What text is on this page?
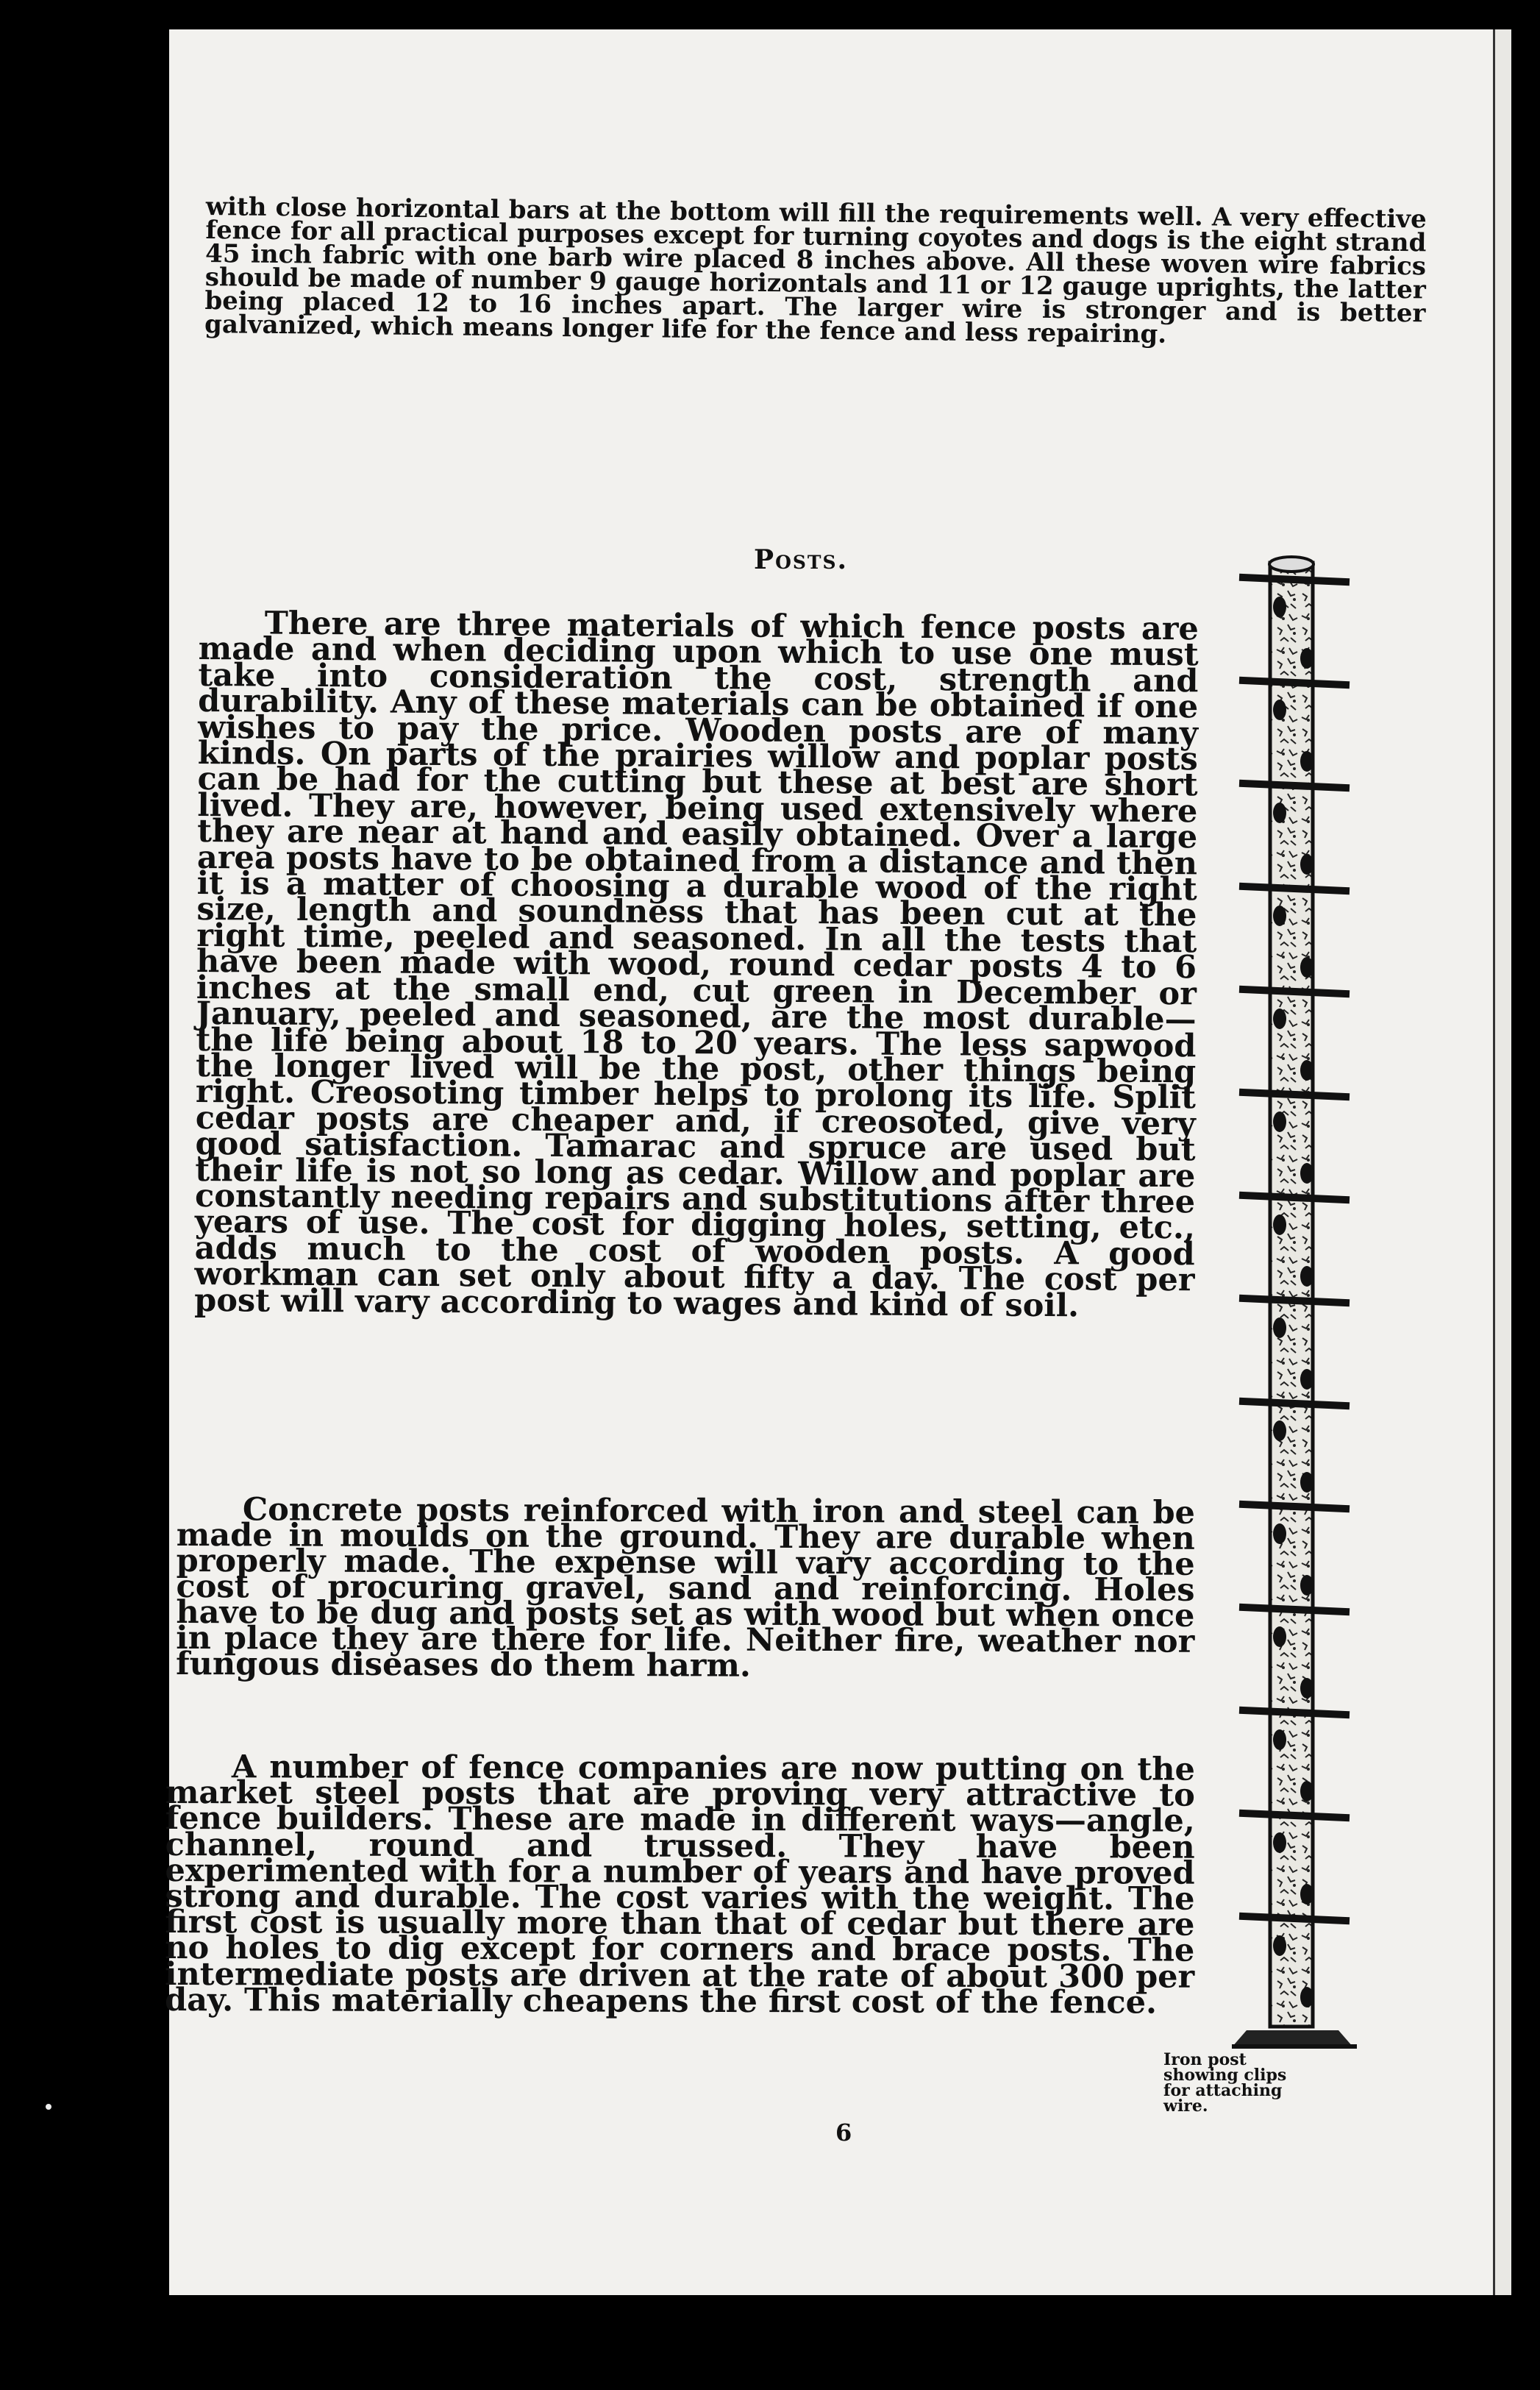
with close horizontal bars at the bottom will fill the requirements well. A very effective fence for all practical purposes except for turning coyotes and dogs is the eight strand 45 inch fabric with one barb wire placed 8 inches above. All these woven wire fabrics should be made of number 9 gauge horizontals and 11 or 12 gauge uprights, the latter being placed 12 to 16 inches apart. The larger wire is stronger and is better galvanized, which means longer life for the fence and less repairing.

Posts.

There are three materials of which fence posts are made and when deciding upon which to use one must take into consideration the cost, strength and durability. Any of these materials can be obtained if one wishes to pay the price. Wooden posts are of many kinds. On parts of the prairies willow and poplar posts can be had for the cutting but these at best are short lived. They are, however, being used extensively where they are near at hand and easily obtained. Over a large area posts have to be obtained from a distance and then it is a matter of choosing a durable wood of the right size, length and soundness that has been cut at the right time, peeled and seasoned. In all the tests that have been made with wood, round cedar posts 4 to 6 inches at the small end, cut green in December or January, peeled and seasoned, are the most durable—the life being about 18 to 20 years. The less sapwood the longer lived will be the post, other things being right. Creosoting timber helps to prolong its life. Split cedar posts are cheaper and, if creosoted, give very good satisfaction. Tamarac and spruce are used but their life is not so long as cedar. Willow and poplar are constantly needing repairs and substitutions after three years of use. The cost for digging holes, setting, etc., adds much to the cost of wooden posts. A good workman can set only about fifty a day. The cost per post will vary according to wages and kind of soil.

Concrete posts reinforced with iron and steel can be made in moulds on the ground. They are durable when properly made. The expense will vary according to the cost of procuring gravel, sand and reinforcing. Holes have to be dug and posts set as with wood but when once in place they are there for life. Neither fire, weather nor fungous diseases do them harm.

A number of fence companies are now putting on the market steel posts that are proving very attractive to fence builders. These are made in different ways—angle, channel, round and trussed. They have been experimented with for a number of years and have proved strong and durable. The cost varies with the weight. The first cost is usually more than that of cedar but there are no holes to dig except for corners and brace posts. The intermediate posts are driven at the rate of about 300 per day. This materially cheapens the first cost of the fence.

Iron post showing clips for attaching wire.
6
